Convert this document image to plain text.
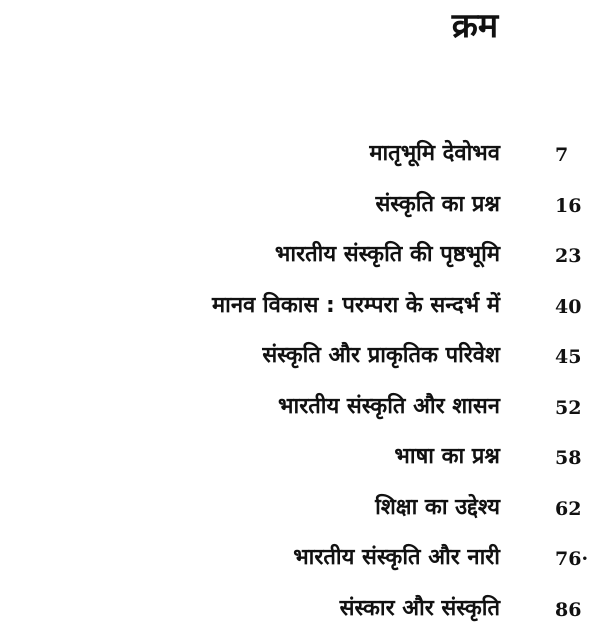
क्रम
मातृभूमि देवोभव	7
संस्कृति का प्रश्न	16
भारतीय संस्कृति की पृष्ठभूमि	23
मानव विकास : परम्परा के सन्दर्भ में	40
संस्कृति और प्राकृतिक परिवेश	45
भारतीय संस्कृति और शासन	52
भाषा का प्रश्न	58
शिक्षा का उद्देश्य	62
भारतीय संस्कृति और नारी	76·
संस्कार और संस्कृति	86
